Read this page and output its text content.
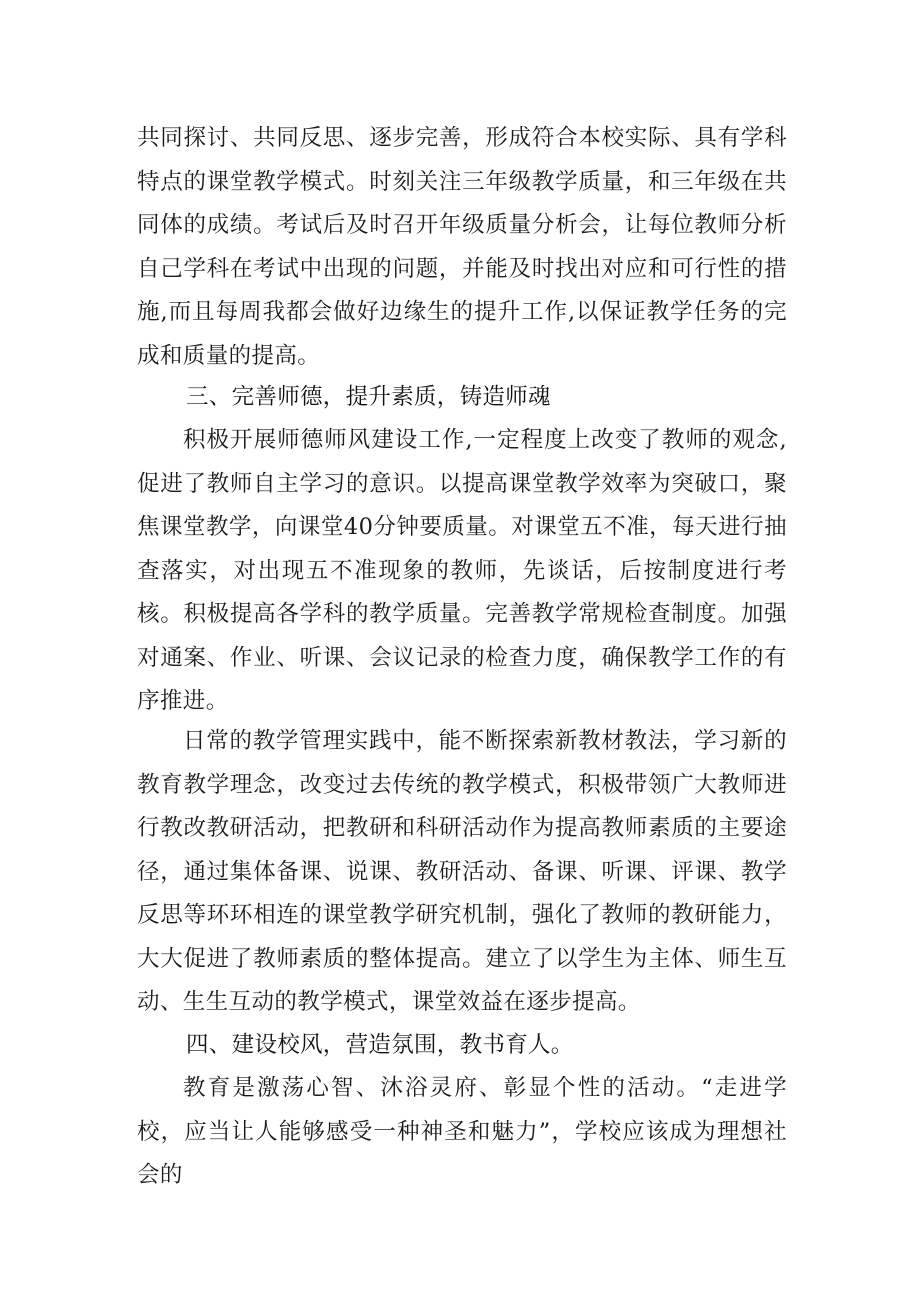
共同探讨、共同反思、逐步完善，形成符合本校实际、具有学科特点的课堂教学模式。时刻关注三年级教学质量，和三年级在共同体的成绩。考试后及时召开年级质量分析会，让每位教师分析自己学科在考试中出现的问题，并能及时找出对应和可行性的措施,而且每周我都会做好边缘生的提升工作,以保证教学任务的完成和质量的提高。

三、完善师德，提升素质，铸造师魂

积极开展师德师风建设工作,一定程度上改变了教师的观念,促进了教师自主学习的意识。以提高课堂教学效率为突破口，聚焦课堂教学，向课堂40分钟要质量。对课堂五不准，每天进行抽查落实，对出现五不准现象的教师，先谈话，后按制度进行考核。积极提高各学科的教学质量。完善教学常规检查制度。加强对通案、作业、听课、会议记录的检查力度，确保教学工作的有序推进。

日常的教学管理实践中，能不断探索新教材教法，学习新的教育教学理念，改变过去传统的教学模式，积极带领广大教师进行教改教研活动，把教研和科研活动作为提高教师素质的主要途径，通过集体备课、说课、教研活动、备课、听课、评课、教学反思等环环相连的课堂教学研究机制，强化了教师的教研能力，大大促进了教师素质的整体提高。建立了以学生为主体、师生互动、生生互动的教学模式，课堂效益在逐步提高。

四、建设校风，营造氛围，教书育人。

教育是激荡心智、沐浴灵府、彰显个性的活动。“走进学校，应当让人能够感受一种神圣和魅力”，学校应该成为理想社会的
